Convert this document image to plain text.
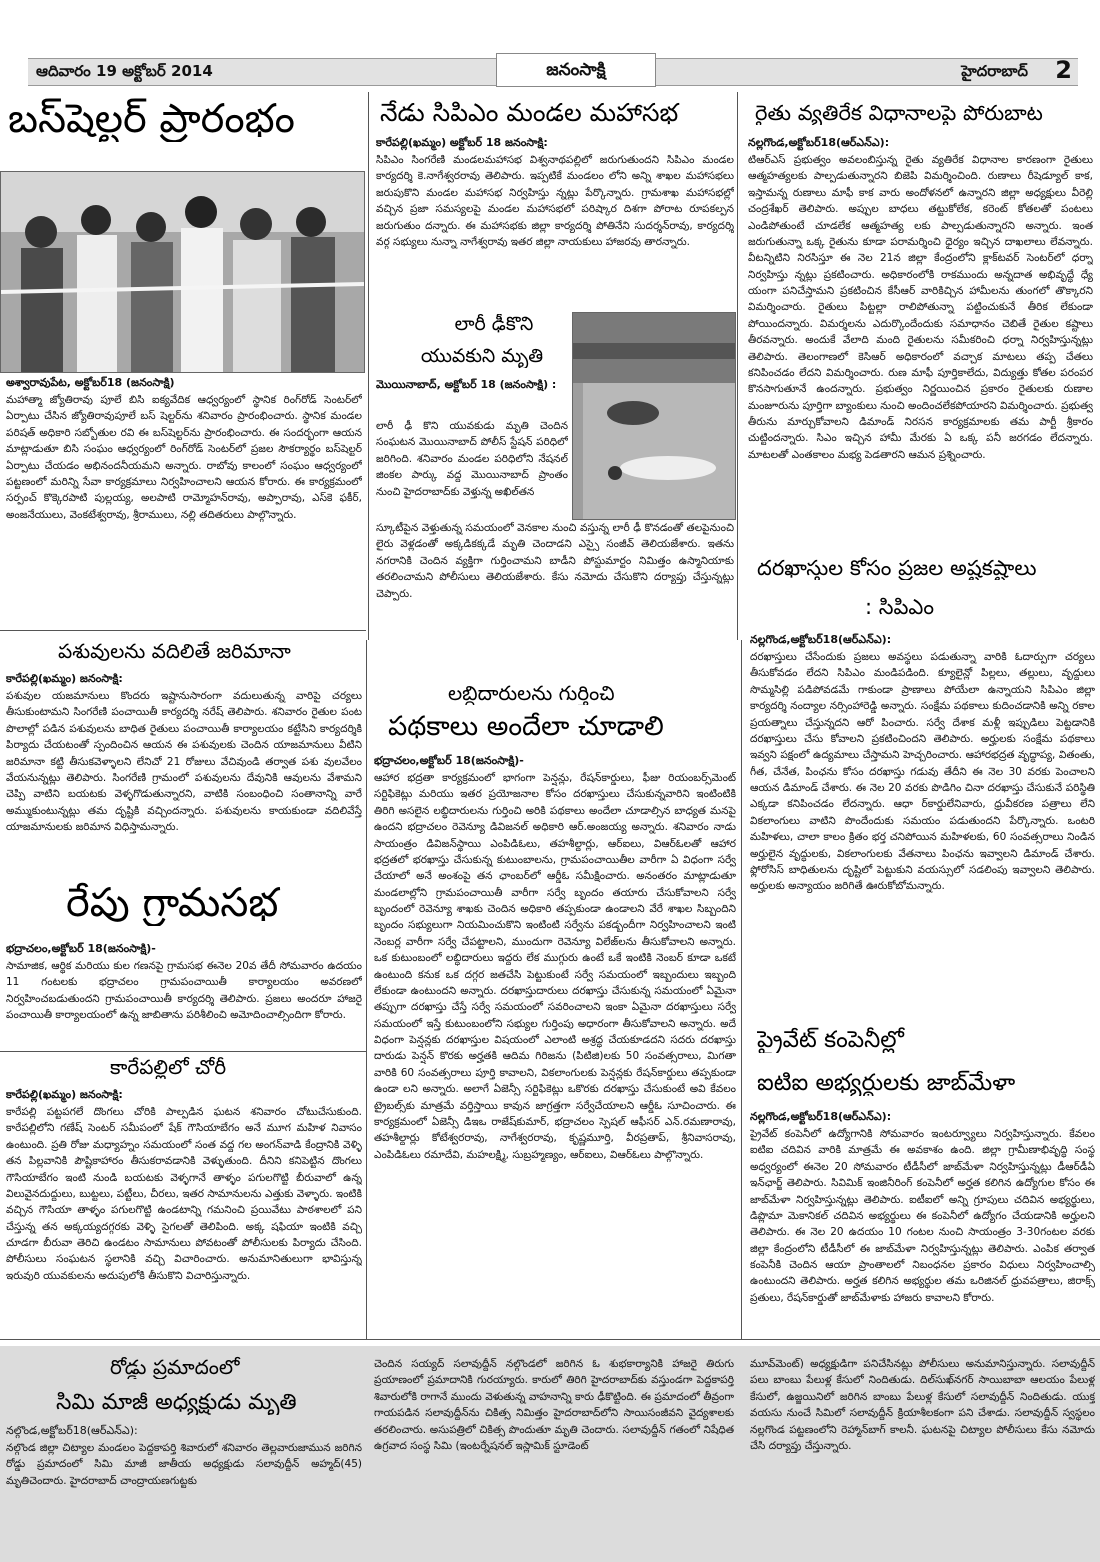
ఆదివారం 19 అక్టోబర్ 2014	జనంసాక్షి	హైదరాబాద్ 2
బస్‌షెల్టర్ ప్రారంభం
అశ్వారావుపేట, అక్టోబర్18 (జనంసాక్షి)
మహాత్మా జ్యోతిరావు పూలే బిసి ఐక్యవేదిక ఆధ్వర్యంలో స్థానిక రింగ్‌రోడ్ సెంటర్‌లో ఏర్పాటు చేసిన జ్యోతిరావుపూలే బస్ షెల్టర్‌ను శనివారం ప్రారంభించారు. స్థానిక మండల పరిషత్ అధికారి సబ్బోతుల రవి ఈ బస్‌షెల్టర్‌ను ప్రారంభించారు. ఈ సందర్భంగా ఆయన మాట్లాడుతూ బిసి సంఘం ఆధ్వర్యంలో రింగ్‌రోడ్ సెంటర్‌లో ప్రజల సౌకర్యార్థం బస్‌షెల్టర్ ఏర్పాటు చేయడం అభినందనీయమని అన్నారు. రాబోవు కాలంలో సంఘం ఆధ్వర్యంలో పట్టణంలో మరిన్ని సేవా కార్యక్రమాలు నిర్వహించాలని ఆయన కోరారు. ఈ కార్యక్రమంలో సర్పంచ్ కొక్కెరపాటి పుల్లయ్య, అలపాటి రామ్మోహన్‌రావు, అప్పారావు, ఎస్‌కె ఫకీర్, అంజనేయులు, వెంకటేశ్వరావు, శ్రీరాములు, నల్లి తదితరులు పాల్గొన్నారు.
నేడు సిపిఎం మండల మహాసభ
కారేపల్లి(ఖమ్మం) అక్టోబర్ 18 జనంసాక్షి:
సిపిఎం సింగరేణి మండలమహాసభ విశ్వనాథపల్లిలో జరుగుతుందని సిపిఎం మండల కార్యదర్శి కె.నాగేశ్వరరావు తెలిపారు. ఇప్పటికే మండలం లోని అన్ని శాఖల మహాసభలు జరుపుకొని మండల మహాసభ నిర్వహిస్తు న్నట్లు పేర్కొన్నారు. గ్రామశాఖ మహాసభల్లో వచ్చిన ప్రజా సమస్యలపై మండల మహాసభలో పరిష్కార దిశగా పోరాట రూపకల్పన జరుగుతుం దన్నారు. ఈ మహాసభకు జిల్లా కార్యదర్శి పోతినేని సుదర్శన్‌రావు, కార్యదర్శి వర్గ సభ్యులు నున్నా నాగేశ్వరావు ఇతర జిల్లా నాయకులు హాజరవు తారన్నారు.
లారీ ఢీకొని
యువకుని మృతి
మొయినాబాద్, అక్టోబర్ 18 (జనంసాక్షి) :
లారీ ఢీ కొని యువకుడు మృతి చెందిన సంఘటన మొయినాబాద్ పోలీస్ స్టేషన్ పరిధిలో జరిగింది. శనివారం మండల పరిధిలోని నేషనల్ జింకల పార్కు వద్ద మొయినాబాద్ ప్రాంతం నుంచి హైదరాబాద్‌కు వెళ్తున్న అఖిల్‌తన
స్కూటీపైన వెళ్తుతున్న సమయంలో వెనకాల నుంచి వస్తున్న లారీ ఢీ కొనడంతో తలపైనుంచి లైరు వెళ్లడంతో అక్కడికక్కడే మృతి చెందాడని ఎస్సై సంజీవ్ తెలియజేశారు. ఇతను నగరానికి చెందిన వ్యక్తిగా గుర్తించామని బాడీని పోస్టుమార్టం నిమిత్తం ఉస్మానియాకు తరలించామని పోలీసులు తెలియజేశారు. కేసు నమోదు చేసుకొని దర్యాప్తు చేస్తున్నట్లు చెప్పారు.
రైతు వ్యతిరేక విధానాలపై పోరుబాట
నల్లగొండ,అక్టోబర్18(ఆర్ఎన్ఎ):
టిఆర్ఎస్ ప్రభుత్వం అవలంబిస్తున్న రైతు వ్యతిరేక విధానాల కారణంగా రైతులు ఆత్మహత్యలకు పాల్పడుతున్నారని బిజెపి విమర్శించింది. రుణాలు రీషెడ్యూల్ కాక, ఇస్తామన్న రుణాలు మాఫీ కాక వారు అందోళనలో ఉన్నారని జిల్లా అధ్యక్షులు వీరెల్లి చంద్రశేఖర్ తెలిపారు. అప్పుల బాధలు తట్టుకోలేక, కరెంట్ కోతలతో పంటలు ఎండిపోతుంటే చూడలేక ఆత్మహత్య లకు పాల్పడుతున్నారని అన్నారు. ఇంత జరుగుతున్నా ఒక్క రైతును కూడా పరామర్శించి ధైర్యం ఇచ్చిన దాఖలాలు లేవన్నారు. వీటన్నిటిని నిరసిస్తూ ఈ నెల 21న జిల్లా కేంద్రంలోని క్లాక్‌టవర్ సెంటర్‌లో ధర్నా నిర్వహిస్తు న్నట్లు ప్రకటించారు. అధికారంలోకి రాకముందు అన్నదాత అభివృద్ధే ధ్యే యంగా పనిచేస్తామని ప్రకటించిన కేసీఆర్ వారికిచ్చిన హామీలను తుంగలో తొక్కారని విమర్శించారు. రైతులు పిట్టల్లా రాలిపోతున్నా పట్టించుకునే తీరిక లేకుండా పోయిందన్నారు. విమర్శలను ఎదుర్కొందేందుకు సమాధానం చెబితే రైతుల కష్టాలు తీరవన్నారు. అందుకే వేలాది మంది రైతులను సమీకరించి ధర్నా నిర్వహిస్తున్నట్లు తెలిపారు. తెలంగాణలో కెసిఆర్ అధికారంలో వచ్చాక మాటలు తప్ప చేతలు కనిపించడం లేదని విమర్శించారు. రుణ మాఫీ పూర్తికాలేదు, విద్యుత్తు కోతల పరంపర కొనసాగుతూనే ఉందన్నారు. ప్రభుత్వం నిర్ణయించిన ప్రకారం రైతులకు రుణాల మంజూరును పూర్తిగా బ్యాంకులు నుంచి అందించలేకపోయారని విమర్శించారు. ప్రభుత్వ తీరును మార్చుకోవాలని డిమాండ్ నిరసన కార్యక్రమాలకు తమ పార్టీ శ్రీకారం చుట్టిందన్నారు. సిఎం ఇచ్చిన హామీ మేరకు ఏ ఒక్క పనీ జరగడం లేదన్నారు. మాటలతో ఎంతకాలం మభ్య పెడతారని ఆమన ప్రశ్నించారు.
దరఖాస్తుల కోసం ప్రజల అష్టకష్టాలు
: సిపిఎం
నల్లగొండ,అక్టోబర్18(ఆర్ఎన్ఎ):
దరఖాస్తులు చేసేందుకు ప్రజలు అవస్థలు పడుతున్నా వారికి ఓదార్పుగా చర్యలు తీసుకోవడం లేదని సిపిఎం మండిపడింది. క్యూలైన్లో పిల్లలు, తల్లులు, వృద్దులు సొమ్మసిల్లి పడిపోవడమే గాకుండా ప్రాణాలు పోయేలా ఉన్నాయని సిపిఎం జిల్లా కార్యదర్శి నంద్యాల నర్సింహారెడ్డి అన్నారు. సంక్షేమ పథకాలు కుదించడానికి అన్ని రకాల ప్రయత్నాలు చేస్తున్నదని ఆరో పించారు. సర్వే దేశాక మళ్లీ ఇప్పుడిలు పెట్టడానికి దరఖాస్తులు చేసు కోవాలని ప్రకటించిందని తెలిపారు. అర్హులకు సంక్షేమ పథకాలు ఇవ్వని పక్షంలో ఉద్యమాలు చేస్తామని హెచ్చరించారు. ఆహారభద్రత వృద్ధాప్య, వితంతు, గీత, చేనేత, పింఛను కోసం దరఖాస్తు గడువు తేదీని ఈ నెల 30 వరకు పెంచాలని ఆయన డిమాండ్ చేశారు. ఈ నెల 20 వరకు పొడిగిం చినా దరఖాస్తు చేసుకునే పరిస్థితి ఎక్కడా కనిపించడం లేదన్నారు. ఆధా ర్‌కార్డులేనివారు, ధ్రువీకరణ పత్రాలు లేని వికలాంగులు వాటిని పొందేందుకు సమయం పడుతుందని పేర్కొన్నారు. ఒంటరి మహిళలు, చాలా కాలం క్రితం భర్త చనిపోయిన మహిళలకు, 60 సంవత్సరాలు నిండిన అర్హులైన వృద్ధులకు, వికలాంగులకు వేతనాలు పింఛను ఇవ్వాలని డిమాండ్ చేశారు. ఫ్లోరోసిస్ బాధితులను దృష్టిలో పెట్టుకుని వయస్సులో సడలింపు ఇవ్వాలని తెలిపారు. అర్హులకు అన్యాయం జరిగితే ఊరుకోబోమన్నారు.
ప్రైవేట్ కంపెనీల్లో
ఐటిఐ అభ్యర్థులకు జాబ్‌మేళా
నల్లగొండ,అక్టోబర్18(ఆర్ఎన్ఎ):
ప్రైవేట్ కంపెనీలో ఉద్యోగానికి సోమవారం ఇంటర్వ్యూలు నిర్వహిస్తున్నారు. కేవలం ఐటిఐ చదివిన వారికి మాత్రమే ఈ అవకాశం ఉంది. జిల్లా గ్రామీణాభివృద్ధి సంస్థ అధ్వర్యంలో ఈనెల 20 సోమవారం టీడీసీలో జాబ్‌మేళా నిర్వహిస్తున్నట్లు డీఆర్‌డీఏ ఇన్‌ఛార్జ్ తెలిపారు. సివిమిక్ ఇంజినీరింగ్ కంపెనీలో అర్హత కలిగిన ఉద్యోగుల కోసం ఈ జాబ్‌మేళా నిర్వహిస్తున్నట్లు తెలిపారు. ఐటీఐలో అన్ని గ్రూపులు చదివిన అభ్యర్థులు, డిప్లొమా మెకానికల్ చదివిన అభ్యర్థులు ఈ కంపెనీలో ఉద్యోగం చేయడానికి అర్హులని తెలిపారు. ఈ నెల 20 ఉదయం 10 గంటల నుంచి సాయంత్రం 3-30గంటల వరకు జిల్లా కేంద్రంలోని టీడీసీలో ఈ జాబ్‌మేళా నిర్వహిస్తున్నట్లు తెలిపారు. ఎంపిక తర్వాత కంపెనీకి చెందిన ఆయా ప్రాంతాలలో నిబంధనల ప్రకారం విధులు నిర్వహించాల్సి ఉంటుందని తెలిపారు. అర్హత కలిగిన అభ్యర్థుల తమ ఒరిజినల్ ధ్రువపత్రాలు, జిరాక్స్ ప్రతులు, రేషన్‌కార్డుతో జాబ్‌మేళాకు హాజరు కావాలని కోరారు.
పశువులను వదిలితే జరిమానా
కారేపల్లి(ఖమ్మం) జనంసాక్షి:
పశువుల యజమానులు కొందరు ఇష్టానుసారంగా వదులుతున్న వారిపై చర్యలు తీసుకుంటామని సింగరేణి పంచాయితీ కార్యదర్శి నరేష్ తెలిపారు. శనివారం రైతుల పంట పొలాల్లో పడిన పశువులను బాధిత రైతులు పంచాయితీ కార్యాలయం కట్టేసిని కార్యదర్శికి పిర్యాదు చేయటంతో స్పందించిన ఆయన ఈ పశువులకు చెందిన యాజమానులు వీటిని జరిమానా కట్టి తీసుకవెళ్ళాలని లేనిచో 21 రోజులు వేచివుండి తర్వాత పశు వులవేలం వేయనున్నట్లు తెలిపారు. సింగరేణి గ్రామంలో పశువులను దేవునికి ఆవులను వేశామని చెప్పి వాటిని బయటకు వెళ్ళగొడుతున్నారని, వాటికి సంబంధించి సంతానాన్ని వారే అమ్ముకుంటున్నట్లు తమ దృష్టికి వచ్చిందన్నారు. పశువులను కాయకుండా వదిలివేస్తే యాజమానులకు జరిమాన విధిస్తామన్నారు.
రేపు గ్రామసభ
భద్రాచలం,అక్టోబర్ 18(జనంసాక్షి)-
సామాజిక, ఆర్థిక మరియు కుల గణనపై గ్రామసభ ఈనెల 20వ తేదీ సోమవారం ఉదయం 11 గంటలకు భద్రాచలం గ్రామపంచాయితీ కార్యాలయం అవరణలో నిర్వహించబడుతుందని గ్రామపంచాయితీ కార్యదర్శి తెలిపారు. ప్రజలు అందరూ హాజరై పంచాయితీ కార్యాలయంలో ఉన్న జాబితాను పరిశీలించి అమోదించాల్సిందిగా కోరారు.
కారేపల్లిలో చోరీ
కారేపల్లి(ఖమ్మం) జనంసాక్షి:
కారేపల్లి పట్టపగలే దొంగలు చోరికి పాల్పడిన ఘటన శనివారం చోటుచేసుకుంది. కారేపల్లిలోని గణేష్ సెంటర్ సమీపంలో షేక్ గౌసియాబేగం అనే మూగ మహిళ నివాసం ఉంటుంది. ప్రతి రోజు మధ్యాహ్నం సమయంలో సంత వద్ద గల అంగన్‌వాడి కేంద్రానికి వెళ్ళి తన పిల్లవానికి పౌష్టికాహారం తీసుకరావడానికి వెళ్ళుతుంది. దీనిని కనిపెట్టిన దొంగలు గౌసియాబేగం ఇంటి నుండి బయటకు వెళ్ళగానే తాళ్ళం పగులగొట్టి బీరువాలో ఉన్న విలువైనదుద్దులు, బుట్టలు, పట్టీలు, చీరలు, ఇతర సామానులను ఎత్తుకు వెళ్ళారు. ఇంటికి వచ్చిన గౌసియా తాళ్ళం పగులగొట్టి ఉండటాన్ని గమనించి ప్రయివేటు పాఠశాలలో పని చేస్తున్న తన అక్కయ్యదగ్గరకు వెళ్ళి సైగలతో తెలిపింది. అక్క షఫియా ఇంటికి వచ్చి చూడగా బీరువా తెరిచి ఉండటం సామానులు పోవటంతో పోలీసులకు పిర్యాదు చేసింది. పోలీసులు సంఘటన స్థలానికి వచ్చి విచారించారు. అనుమానితులుగా భావిస్తున్న ఇరువురి యువకులను అదుపులోకి తీసుకొని విచారిస్తున్నారు.
లబ్ధిదారులను గుర్తించి
పథకాలు అందేలా చూడాలి
భద్రాచలం,అక్టోబర్ 18(జనంసాక్షి)-
ఆహార భద్రతా కార్యక్రమంలో భాగంగా పెన్షన్లు, రేషన్‌కార్డులు, ఫీజు రియంబర్స్‌మెంట్ సర్టిఫికెట్లు మరియు ఇతర ప్రయోజనాల కోసం దరఖాస్తులు చేసుకున్నవారిని ఇంటింటికి తిరిగి అసలైన లబ్ధిదారులను గుర్తించి అరికి పథకాలు అందేలా చూడాల్సిన బాధ్యత మనపై ఉందని భద్రాచలం రెవెన్యూ డివిజనల్ అధికారి ఆర్.అంజయ్య అన్నారు. శనివారం నాడు సాయంత్రం డివిజన్‌స్థాయి ఎంపిడిఓలు, తహశీల్దార్లు, ఆర్ఐలు, విఆర్ఓలతో ఆహార భద్రతలో భరఖాస్తు చేసుకున్న కుటుంబాలను, గ్రామపంచాయితీల వారీగా ఏ విధంగా సర్వే చేయాలో అనే అంశంపై తన ఛాంబర్‌లో ఆర్డీఓ సమీక్షించారు. అనంతరం మాట్లాడుతూ మండలాల్లోని గ్రామపంచాయితీ వారీగా సర్వే బృందం తయారు చేసుకోవాలని సర్వే బృందంలో రెవెన్యూ శాఖకు చెందిన అధికారి తప్పకుండా ఉండాలని వేరే శాఖల సిబ్బందిని బృందం సభ్యులుగా నియమించుకొని ఇంటింటి సర్వేను పకడ్బందీగా నిర్వహించాలని ఇంటి నెంబర్ల వారీగా సర్వే చేపట్టాలని, ముందుగా రెవెన్యూ విలేజ్‌లను తీసుకోవాలని అన్నారు. ఒక కుటుంబంలో లబ్ధిదారులు ఇద్దరు లేక ముగ్గురు ఉంటే ఒకే ఇంటికి నెంబర్ కూడా ఒకటే ఉంటుంది కనుక ఒక దగ్గర జతచేసి పెట్టుకుంటే సర్వే సమయంలో ఇబ్బందులు ఇబ్బంది లేకుండా ఉంటుందని అన్నారు. దరఖాస్తుదారులు దరఖాస్తు చేసుకున్న సమయంలో ఏమైనా తప్పుగా దరఖాస్తు చేస్తే సర్వే సమయంలో సవరించాలని ఇంకా ఏమైనా దరఖాస్తులు సర్వే సమయంలో ఇస్తే కుటుంబంలోని సభ్యుల గుర్తింపు అధారంగా తీసుకోవాలని అన్నారు. అదే విధంగా పెన్షన్లకు దరఖాస్తుల విషయంలో ఎలాంటి అశ్రద్ధ చేయకూడదని సదరు దరఖాస్తు దారుడు పెన్షన్ కొరకు అర్హతకి ఆదిమ గిరిజను (పిటిజి)లకు 50 సంవత్సరాలు, మిగతా వారికి 60 సంవత్సరాలు పూర్తి కావాలని, వికలాంగులకు పెన్షన్లకు రేషన్‌కార్డులు తప్పకుండా ఉండా లని అన్నారు. అలాగే ఏజెన్సీ సర్టిఫికెట్లు ఒకొరకు దరఖాస్తు చేసుకుంటే అవి కేవలం ట్రైబల్స్‌కు మాత్రమే వర్తిస్తాయి కావున జాగ్రత్తగా సర్వేచేయాలని ఆర్డీఓ సూచించారు. ఈ కార్యక్రమంలో ఏజెన్సీ డిఇఒ రాజేష్‌కుమార్, భద్రాచలం స్పెషల్ ఆఫీసర్ ఎన్.రమణారావు, తహశీల్దార్లు కోటేశ్వరరావు, నాగేశ్వరరావు, కృష్ణమూర్తి, వీరప్రతాప్, శ్రీనివాసరావు, ఎంపిడిఓలు రమాదేవి, మహలక్ష్మి, సుబ్రహ్మణ్యం, ఆర్ఐలు, విఆర్ఓలు పాల్గొన్నారు.
రోడ్డు ప్రమాదంలో
సిమి మాజీ అధ్యక్షుడు మృతి
నల్గొండ,అక్టోబర్18(ఆర్ఎన్ఎ):
నల్గొండ జిల్లా చిట్యాల మండలం పెద్దకాపర్తి శివారులో శనివారం తెల్లవారుజామున జరిగిన రోడ్డు ప్రమాదంలో సిమి మాజీ జాతీయ అధ్యక్షుడు సలావుద్దీన్ అహ్మద్(45) మృతిచెందారు. హైదరాబాద్ చాంద్రాయణగుట్టకు
చెందిన సయ్యద్ సలావుద్దీన్ నల్గొండలో జరిగిన ఓ శుభకార్యానికి హాజరై తిరుగు ప్రయాణంలో ప్రమాదానికి గురయ్యారు. కారులో తిరిగి హైదరాబాద్‌కు వస్తుండగా పెద్దకాపర్తి శివారులోకి రాగానే ముందు వెళుతున్న వాహనాన్ని కారు ఢీకొట్టింది. ఈ ప్రమాదంలో తీవ్రంగా గాయపడిన సలావుద్దీన్‌ను చికిత్స నిమిత్తం హైదరాబాద్‌లోని సాయిసంజీవని వైద్యశాలకు తరలించారు. అసుపత్రిలో చికిత్స పొందుతూ మృతి చెందారు. సలావుద్దీన్ గతంలో నిషేధిత ఉగ్రవాద సంస్థ సిమి (ఇంటర్నేషనల్ ఇస్లామిక్ స్టూడెంట్
మూవ్‌మెంట్) అధ్యక్షుడిగా పనిచేసినట్లు పోలీసులు అనుమానిస్తున్నారు. సలావుద్దీన్ పలు బాంబు పేలుళ్ల కేసులో నిందితుడు. దిల్‌సుఖ్‌నగర్ సాయిబాబా ఆలయం పేలుళ్ల కేసులో, ఉజ్జయినిలో జరిగిన బాంబు పేలుళ్ల కేసులో సలావుద్దీన్ నిందితుడు. యుక్త వయసు నుంచే సిమిలో సలావుద్దీన్ క్రియాశీలకంగా పని చేశాడు. సలావుద్దీన్ స్వస్థలం నల్లగొండ పట్టణంలోని రెహ్మాన్‌బాగ్ కాలనీ. ఘటనపై చిట్యాల పోలీసులు కేసు నమోదు చేసి దర్యాప్తు చేస్తున్నారు.
